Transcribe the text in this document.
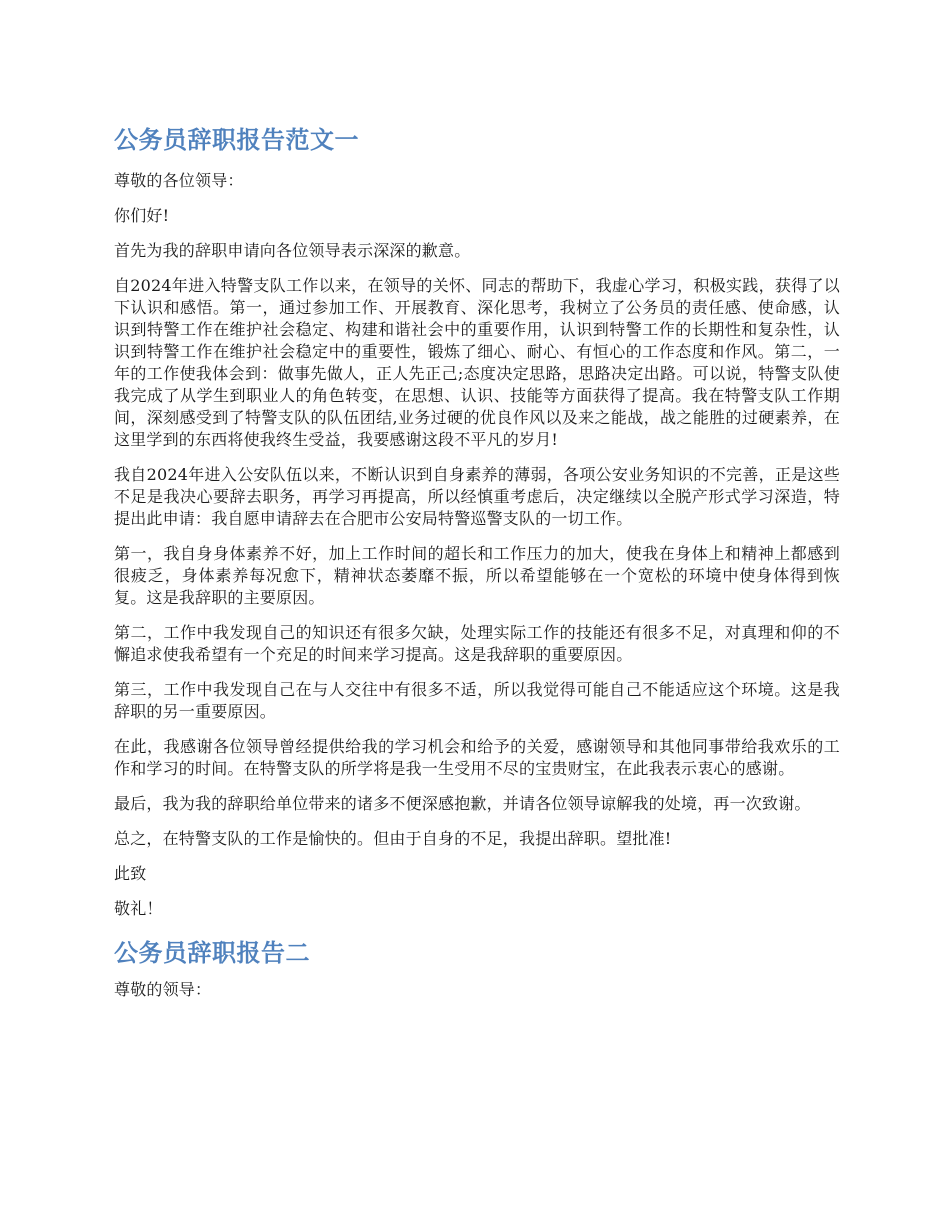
公务员辞职报告范文一

尊敬的各位领导：

你们好!

首先为我的辞职申请向各位领导表示深深的歉意。

自2024年进入特警支队工作以来，在领导的关怀、同志的帮助下，我虚心学习，积极实践，获得了以下认识和感悟。第一，通过参加工作、开展教育、深化思考，我树立了公务员的责任感、使命感，认识到特警工作在维护社会稳定、构建和谐社会中的重要作用，认识到特警工作的长期性和复杂性，认识到特警工作在维护社会稳定中的重要性，锻炼了细心、耐心、有恒心的工作态度和作风。第二，一年的工作使我体会到：做事先做人，正人先正己;态度决定思路，思路决定出路。可以说，特警支队使我完成了从学生到职业人的角色转变，在思想、认识、技能等方面获得了提高。我在特警支队工作期间，深刻感受到了特警支队的队伍团结,业务过硬的优良作风以及来之能战，战之能胜的过硬素养，在这里学到的东西将使我终生受益，我要感谢这段不平凡的岁月!

我自2024年进入公安队伍以来，不断认识到自身素养的薄弱，各项公安业务知识的不完善，正是这些不足是我决心要辞去职务，再学习再提高，所以经慎重考虑后，决定继续以全脱产形式学习深造，特提出此申请：我自愿申请辞去在合肥市公安局特警巡警支队的一切工作。

第一，我自身身体素养不好，加上工作时间的超长和工作压力的加大，使我在身体上和精神上都感到很疲乏，身体素养每况愈下，精神状态萎靡不振，所以希望能够在一个宽松的环境中使身体得到恢复。这是我辞职的主要原因。

第二，工作中我发现自己的知识还有很多欠缺，处理实际工作的技能还有很多不足，对真理和仰的不懈追求使我希望有一个充足的时间来学习提高。这是我辞职的重要原因。

第三，工作中我发现自己在与人交往中有很多不适，所以我觉得可能自己不能适应这个环境。这是我辞职的另一重要原因。

在此，我感谢各位领导曾经提供给我的学习机会和给予的关爱，感谢领导和其他同事带给我欢乐的工作和学习的时间。在特警支队的所学将是我一生受用不尽的宝贵财宝，在此我表示衷心的感谢。

最后，我为我的辞职给单位带来的诸多不便深感抱歉，并请各位领导谅解我的处境，再一次致谢。

总之，在特警支队的工作是愉快的。但由于自身的不足，我提出辞职。望批准!

此致

敬礼！

公务员辞职报告二

尊敬的领导：
